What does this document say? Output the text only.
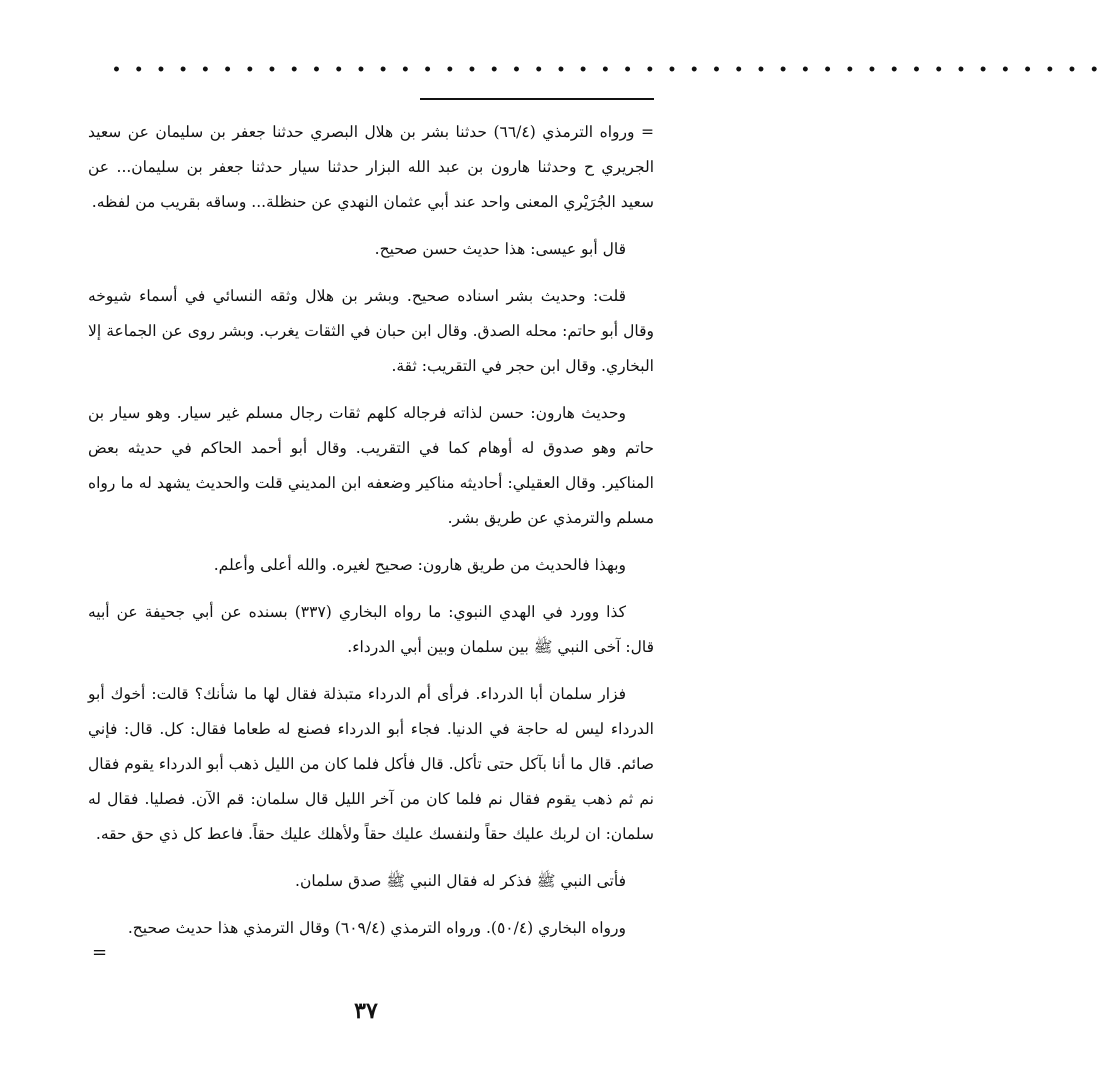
• • • • • • • • • • • • • • • • • • • • • • • • • • • • • • • • • • • • • • • • • • • • •

= ورواه الترمذي (٦٦/٤) حدثنا بشر بن هلال البصري حدثنا جعفر بن سليمان عن سعيد الجريري ح وحدثنا هارون بن عبد الله البزار حدثنا سيار حدثنا جعفر بن سليمان... عن سعيد الجُرَيْري المعنى واحد عند أبي عثمان النهدي عن حنظلة... وساقه بقريب من لفظه.

قال أبو عيسى: هذا حديث حسن صحيح.

قلت: وحديث بشر اسناده صحيح. وبشر بن هلال وثقه النسائي في أسماء شيوخه وقال أبو حاتم: محله الصدق. وقال ابن حبان في الثقات يغرب. وبشر روى عن الجماعة إلا البخاري. وقال ابن حجر في التقريب: ثقة.

وحديث هارون: حسن لذاته فرجاله كلهم ثقات رجال مسلم غير سيار. وهو سيار بن حاتم وهو صدوق له أوهام كما في التقريب. وقال أبو أحمد الحاكم في حديثه بعض المناكير. وقال العقيلي: أحاديثه مناكير وضعفه ابن المديني قلت والحديث يشهد له ما رواه مسلم والترمذي عن طريق بشر.

وبهذا فالحديث من طريق هارون: صحيح لغيره. والله أعلى وأعلم.

كذا وورد في الهدي النبوي: ما رواه البخاري (٣٣٧) بسنده عن أبي جحيفة عن أبيه قال: آخى النبي ﷺ بين سلمان وبين أبي الدرداء.

فزار سلمان أبا الدرداء. فرأى أم الدرداء متبذلة فقال لها ما شأنك؟ قالت: أخوك أبو الدرداء ليس له حاجة في الدنيا. فجاء أبو الدرداء فصنع له طعاما فقال: كل. قال: فإني صائم. قال ما أنا بآكل حتى تأكل. قال فأكل فلما كان من الليل ذهب أبو الدرداء يقوم فقال نم ثم ذهب يقوم فقال نم فلما كان من آخر الليل قال سلمان: قم الآن. فصليا. فقال له سلمان: ان لربك عليك حقاً ولنفسك عليك حقاً ولأهلك عليك حقاً. فاعط كل ذي حق حقه.

فأتى النبي ﷺ فذكر له فقال النبي ﷺ صدق سلمان.

ورواه البخاري (٥٠/٤). ورواه الترمذي (٦٠٩/٤) وقال الترمذي هذا حديث صحيح.

=
٣٧
